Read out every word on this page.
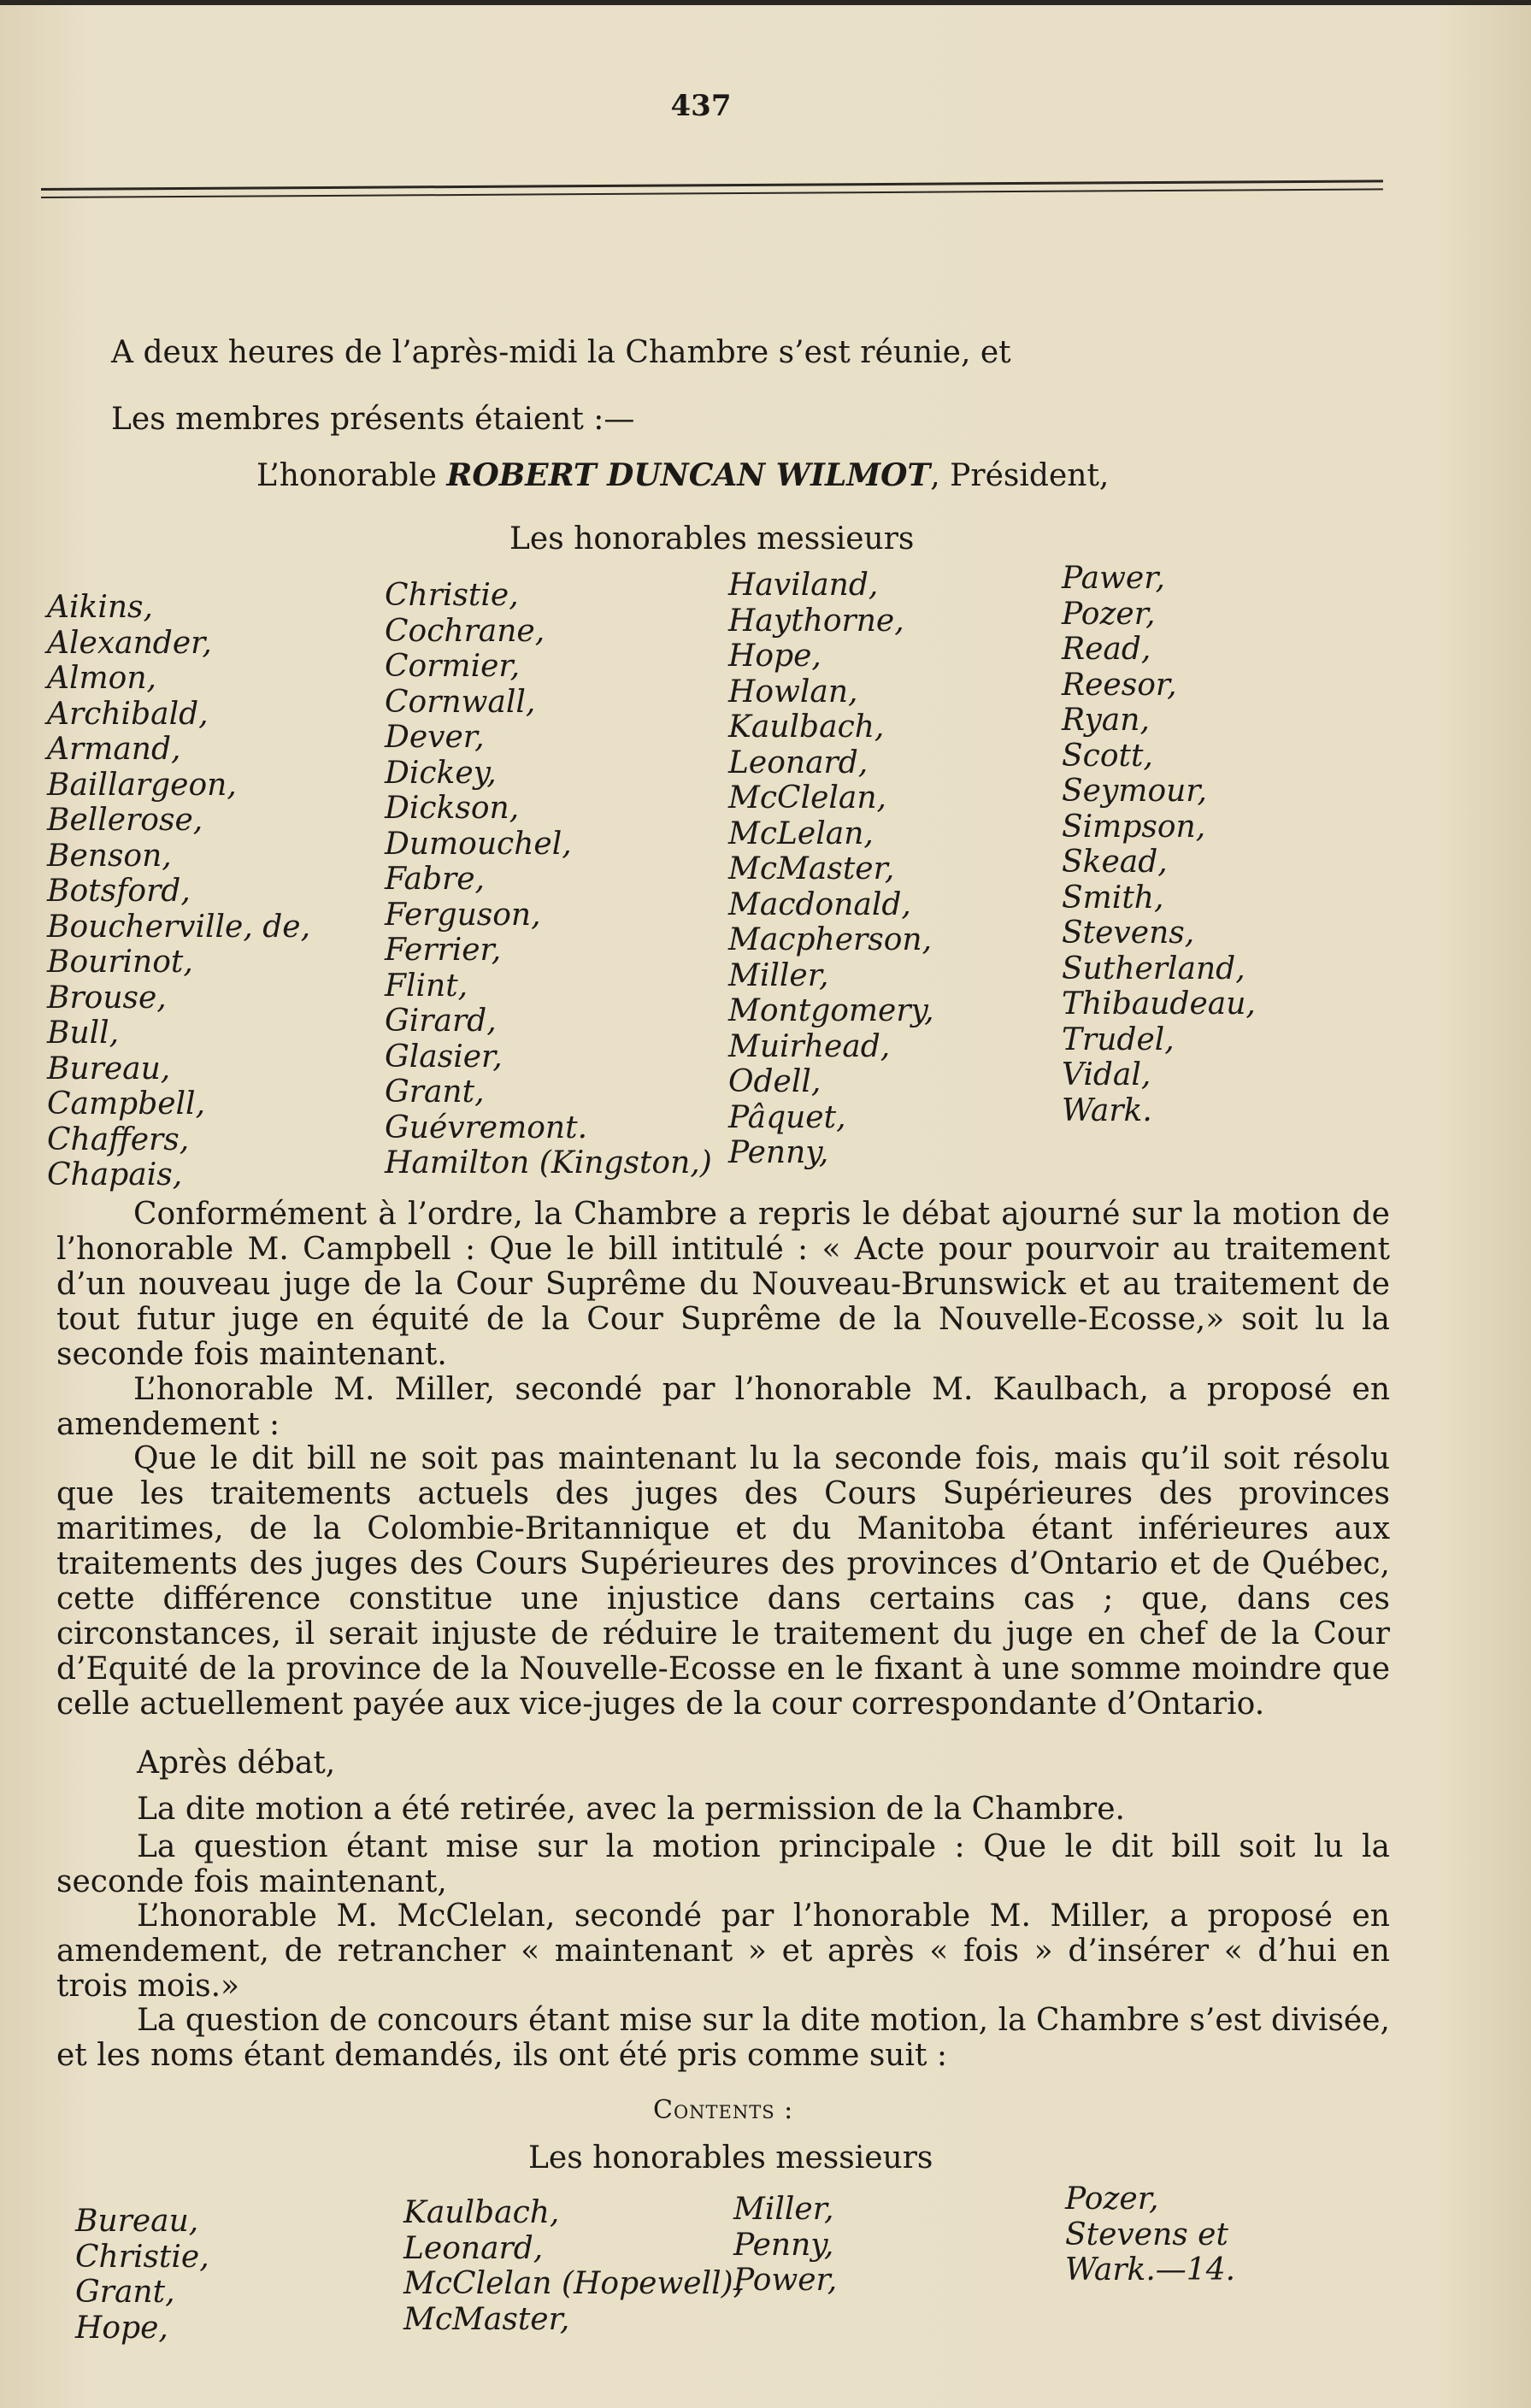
437
A deux heures de l’après-midi la Chambre s’est réunie, et
Les membres présents étaient :—
L’honorable ROBERT DUNCAN WILMOT, Président,
Les honorables messieurs
Aikins,
Alexander,
Almon,
Archibald,
Armand,
Baillargeon,
Bellerose,
Benson,
Botsford,
Boucherville, de,
Bourinot,
Brouse,
Bull,
Bureau,
Campbell,
Chaffers,
Chapais,
Christie,
Cochrane,
Cormier,
Cornwall,
Dever,
Dickey,
Dickson,
Dumouchel,
Fabre,
Ferguson,
Ferrier,
Flint,
Girard,
Glasier,
Grant,
Guévremont.
Hamilton (Kingston,)
Haviland,
Haythorne,
Hope,
Howlan,
Kaulbach,
Leonard,
McClelan,
McLelan,
McMaster,
Macdonald,
Macpherson,
Miller,
Montgomery,
Muirhead,
Odell,
Pâquet,
Penny,
Pawer,
Pozer,
Read,
Reesor,
Ryan,
Scott,
Seymour,
Simpson,
Skead,
Smith,
Stevens,
Sutherland,
Thibaudeau,
Trudel,
Vidal,
Wark.
Conformément à l’ordre, la Chambre a repris le débat ajourné sur la motion de l’honorable M. Campbell : Que le bill intitulé : « Acte pour pourvoir au traitement d’un nouveau juge de la Cour Suprême du Nouveau-Brunswick et au traitement de tout futur juge en équité de la Cour Suprême de la Nouvelle-Ecosse,» soit lu la seconde fois maintenant.
L’honorable M. Miller, secondé par l’honorable M. Kaulbach, a proposé en amendement :
Que le dit bill ne soit pas maintenant lu la seconde fois, mais qu’il soit résolu que les traitements actuels des juges des Cours Supérieures des provinces maritimes, de la Colombie-Britannique et du Manitoba étant inférieures aux traitements des juges des Cours Supérieures des provinces d’Ontario et de Québec, cette différence constitue une injustice dans certains cas ; que, dans ces circonstances, il serait injuste de réduire le traitement du juge en chef de la Cour d’Equité de la province de la Nouvelle-Ecosse en le fixant à une somme moindre que celle actuellement payée aux vice-juges de la cour correspondante d’Ontario.
Après débat,
La dite motion a été retirée, avec la permission de la Chambre.
La question étant mise sur la motion principale : Que le dit bill soit lu la seconde fois maintenant,
L’honorable M. McClelan, secondé par l’honorable M. Miller, a proposé en amendement, de retrancher « maintenant » et après « fois » d’insérer « d’hui en trois mois.»
La question de concours étant mise sur la dite motion, la Chambre s’est divisée, et les noms étant demandés, ils ont été pris comme suit :
Contents :
Les honorables messieurs
Bureau,
Christie,
Grant,
Hope,
Kaulbach,
Leonard,
McClelan (Hopewell),
McMaster,
Miller,
Penny,
Power,
Pozer,
Stevens et
Wark.—14.
